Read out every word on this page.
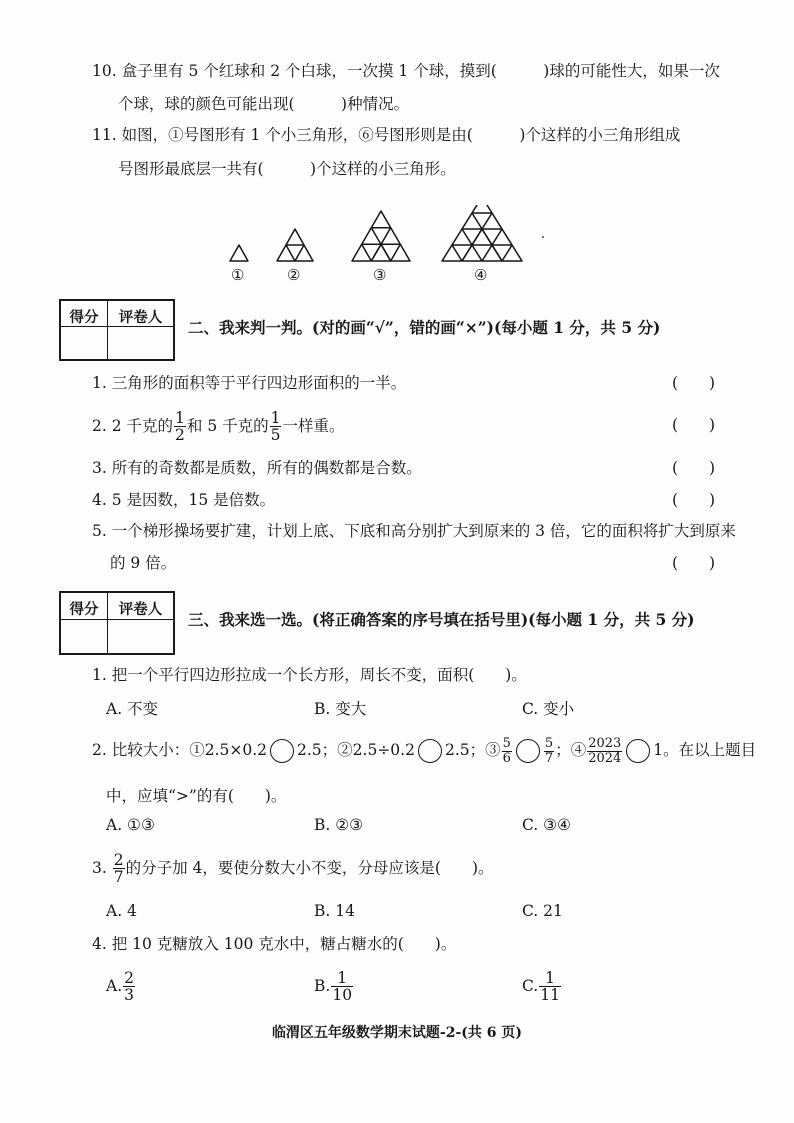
10. 盒子里有 5 个红球和 2 个白球，一次摸 1 个球，摸到(　　　)球的可能性大，如果一次
个球，球的颜色可能出现(　　　)种情况。
11. 如图，①号图形有 1 个小三角形，⑥号图形则是由(　　　)个这样的小三角形组成
号图形最底层一共有(　　　)个这样的小三角形。
①	②	③	④
得分	评卷人
二、我来判一判。(对的画“√”，错的画“×”)(每小题 1 分，共 5 分)
1. 三角形的面积等于平行四边形面积的一半。	(　　)
2. 2 千克的 $\frac{1}{2}$ 和 5 千克的 $\frac{1}{5}$ 一样重。	(　　)
3. 所有的奇数都是质数，所有的偶数都是合数。	(　　)
4. 5 是因数，15 是倍数。	(　　)
5. 一个梯形操场要扩建，计划上底、下底和高分别扩大到原来的 3 倍，它的面积将扩大到原来
的 9 倍。	(　　)
得分	评卷人
三、我来选一选。(将正确答案的序号填在括号里)(每小题 1 分，共 5 分)
1. 把一个平行四边形拉成一个长方形，周长不变，面积(　　)。
A. 不变	B. 变大	C. 变小
2. 比较大小：①2.5×0.2 2.5；②2.5÷0.2 2.5；③ $\frac{5}{6} \frac{5}{7}$ ；④ $\frac{2023}{2024} 1$。在以上题目
中，应填“>”的有(　　)。
A. ①③	B. ②③	C. ③④
3. $\frac{2}{7}$ 的分子加 4，要使分数大小不变，分母应该是(　　)。
A. 4	B. 14	C. 21
4. 把 10 克糖放入 100 克水中，糖占糖水的(　　)。
A. $\frac{2}{3}$	B. $\frac{1}{10}$	C. $\frac{1}{11}$
临渭区五年级数学期末试题-2-(共 6 页)
